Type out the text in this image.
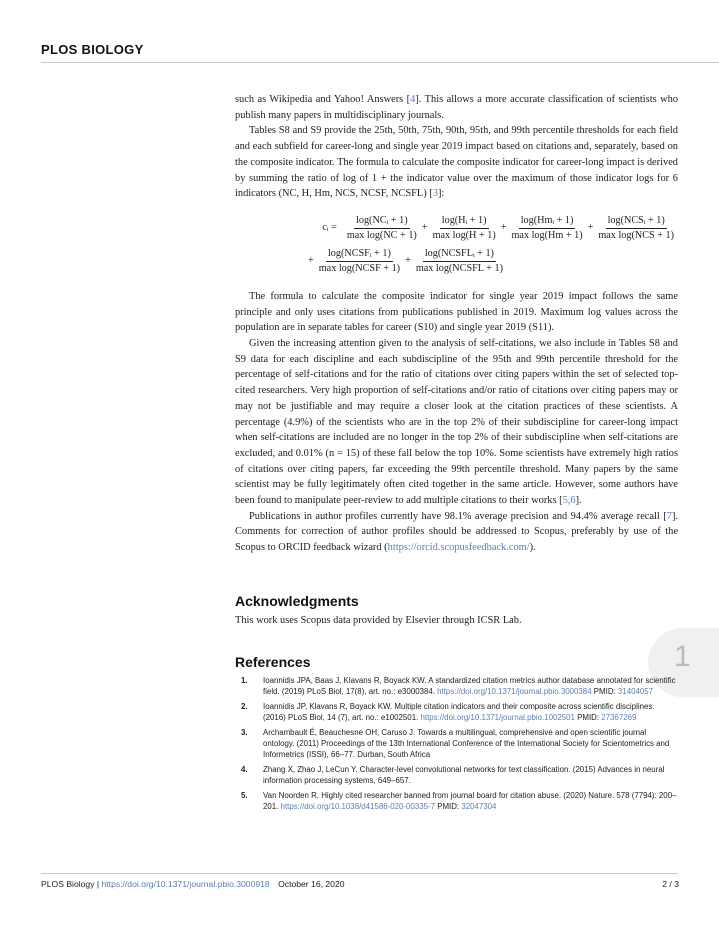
PLOS BIOLOGY

such as Wikipedia and Yahoo! Answers [4]. This allows a more accurate classification of scientists who publish many papers in multidisciplinary journals.

Tables S8 and S9 provide the 25th, 50th, 75th, 90th, 95th, and 99th percentile thresholds for each field and each subfield for career-long and single year 2019 impact based on citations and, separately, based on the composite indicator. The formula to calculate the composite indicator for career-long impact is derived by summing the ratio of log of 1 + the indicator value over the maximum of those indicator logs for 6 indicators (NC, H, Hm, NCS, NCSF, NCSFL) [3]:

cᵢ = $\frac{\text{log(NCᵢ + 1)}}{\text{max log(NC + 1)}} + \frac{\text{log(Hᵢ + 1)}}{\text{max log(H + 1)}} + \frac{\text{log(Hmᵢ + 1)}}{\text{max log(Hm + 1)}} + \frac{\text{log(NCSᵢ + 1)}}{\text{max log(NCS + 1)}}$
+ $\frac{\text{log(NCSFᵢ + 1)}}{\text{max log(NCSF + 1)}} + \frac{\text{log(NCSFLᵢ + 1)}}{\text{max log(NCSFL + 1)}}$

The formula to calculate the composite indicator for single year 2019 impact follows the same principle and only uses citations from publications published in 2019. Maximum log values across the population are in separate tables for career (S10) and single year 2019 (S11).

Given the increasing attention given to the analysis of self-citations, we also include in Tables S8 and S9 data for each discipline and each subdiscipline of the 95th and 99th percentile threshold for the percentage of self-citations and for the ratio of citations over citing papers within the set of selected top-cited researchers. Very high proportion of self-citations and/or ratio of citations over citing papers may or may not be justifiable and may require a closer look at the citation practices of these scientists. A percentage (4.9%) of the scientists who are in the top 2% of their subdiscipline for career-long impact when self-citations are included are no longer in the top 2% of their subdiscipline when self-citations are excluded, and 0.01% (n = 15) of these fall below the top 10%. Some scientists have extremely high ratios of citations over citing papers, far exceeding the 99th percentile threshold. Many papers by the same scientist may be fully legitimately often cited together in the same article. However, some authors have been found to manipulate peer-review to add multiple citations to their works [5,6].

Publications in author profiles currently have 98.1% average precision and 94.4% average recall [7]. Comments for correction of author profiles should be addressed to Scopus, preferably by use of the Scopus to ORCID feedback wizard (https://orcid.scopusfeedback.com/).

Acknowledgments
This work uses Scopus data provided by Elsevier through ICSR Lab.
1
References
1.	Ioannidis JPA, Baas J, Klavans R, Boyack KW. A standardized citation metrics author database annotated for scientific field. (2019) PLoS Biol, 17(8), art. no.: e3000384. https://doi.org/10.1371/journal.pbio.3000384 PMID: 31404057
2.	Ioannidis JP, Klavans R, Boyack KW. Multiple citation indicators and their composite across scientific disciplines. (2016) PLoS Biol, 14 (7), art. no.: e1002501. https://doi.org/10.1371/journal.pbio.1002501 PMID: 27367269
3.	Archambault É, Beauchesne OH, Caruso J. Towards a multilingual, comprehensive and open scientific journal ontology. (2011) Proceedings of the 13th International Conference of the International Society for Scientometrics and Informetrics (ISSI), 66–77. Durban, South Africa
4.	Zhang X, Zhao J, LeCun Y. Character-level convolutional networks for text classification. (2015) Advances in neural information processing systems, 649–657.
5.	Van Noorden R. Highly cited researcher banned from journal board for citation abuse. (2020) Nature. 578 (7794): 200–201. https://doi.org/10.1038/d41586-020-00335-7 PMID: 32047304
PLOS Biology | https://doi.org/10.1371/journal.pbio.3000918 October 16, 2020	2 / 3
